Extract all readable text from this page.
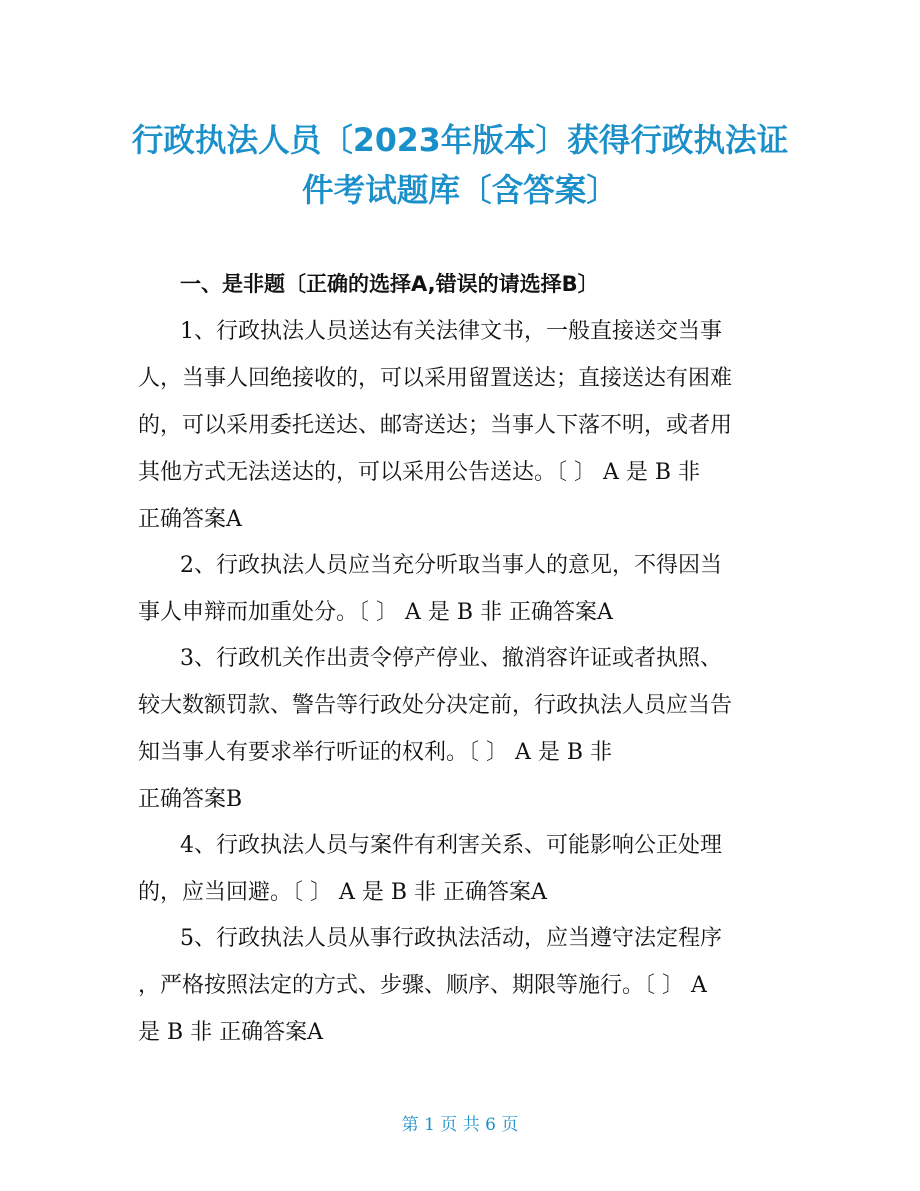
行政执法人员〔2023年版本〕获得行政执法证
件考试题库〔含答案〕
一、是非题〔正确的选择A,错误的请选择B〕
1、行政执法人员送达有关法律文书，一般直接送交当事
人，当事人回绝接收的，可以采用留置送达；直接送达有困难
的，可以采用委托送达、邮寄送达；当事人下落不明，或者用
其他方式无法送达的，可以采用公告送达。〔 〕 A 是 B 非
正确答案A
2、行政执法人员应当充分听取当事人的意见，不得因当
事人申辩而加重处分。〔 〕 A 是 B 非 正确答案A
3、行政机关作出责令停产停业、撤消容许证或者执照、
较大数额罚款、警告等行政处分决定前，行政执法人员应当告
知当事人有要求举行听证的权利。〔 〕 A 是 B 非
正确答案B
4、行政执法人员与案件有利害关系、可能影响公正处理
的，应当回避。〔 〕 A 是 B 非 正确答案A
5、行政执法人员从事行政执法活动，应当遵守法定程序
，严格按照法定的方式、步骤、顺序、期限等施行。〔 〕 A
是 B 非 正确答案A
第 1 页 共 6 页
